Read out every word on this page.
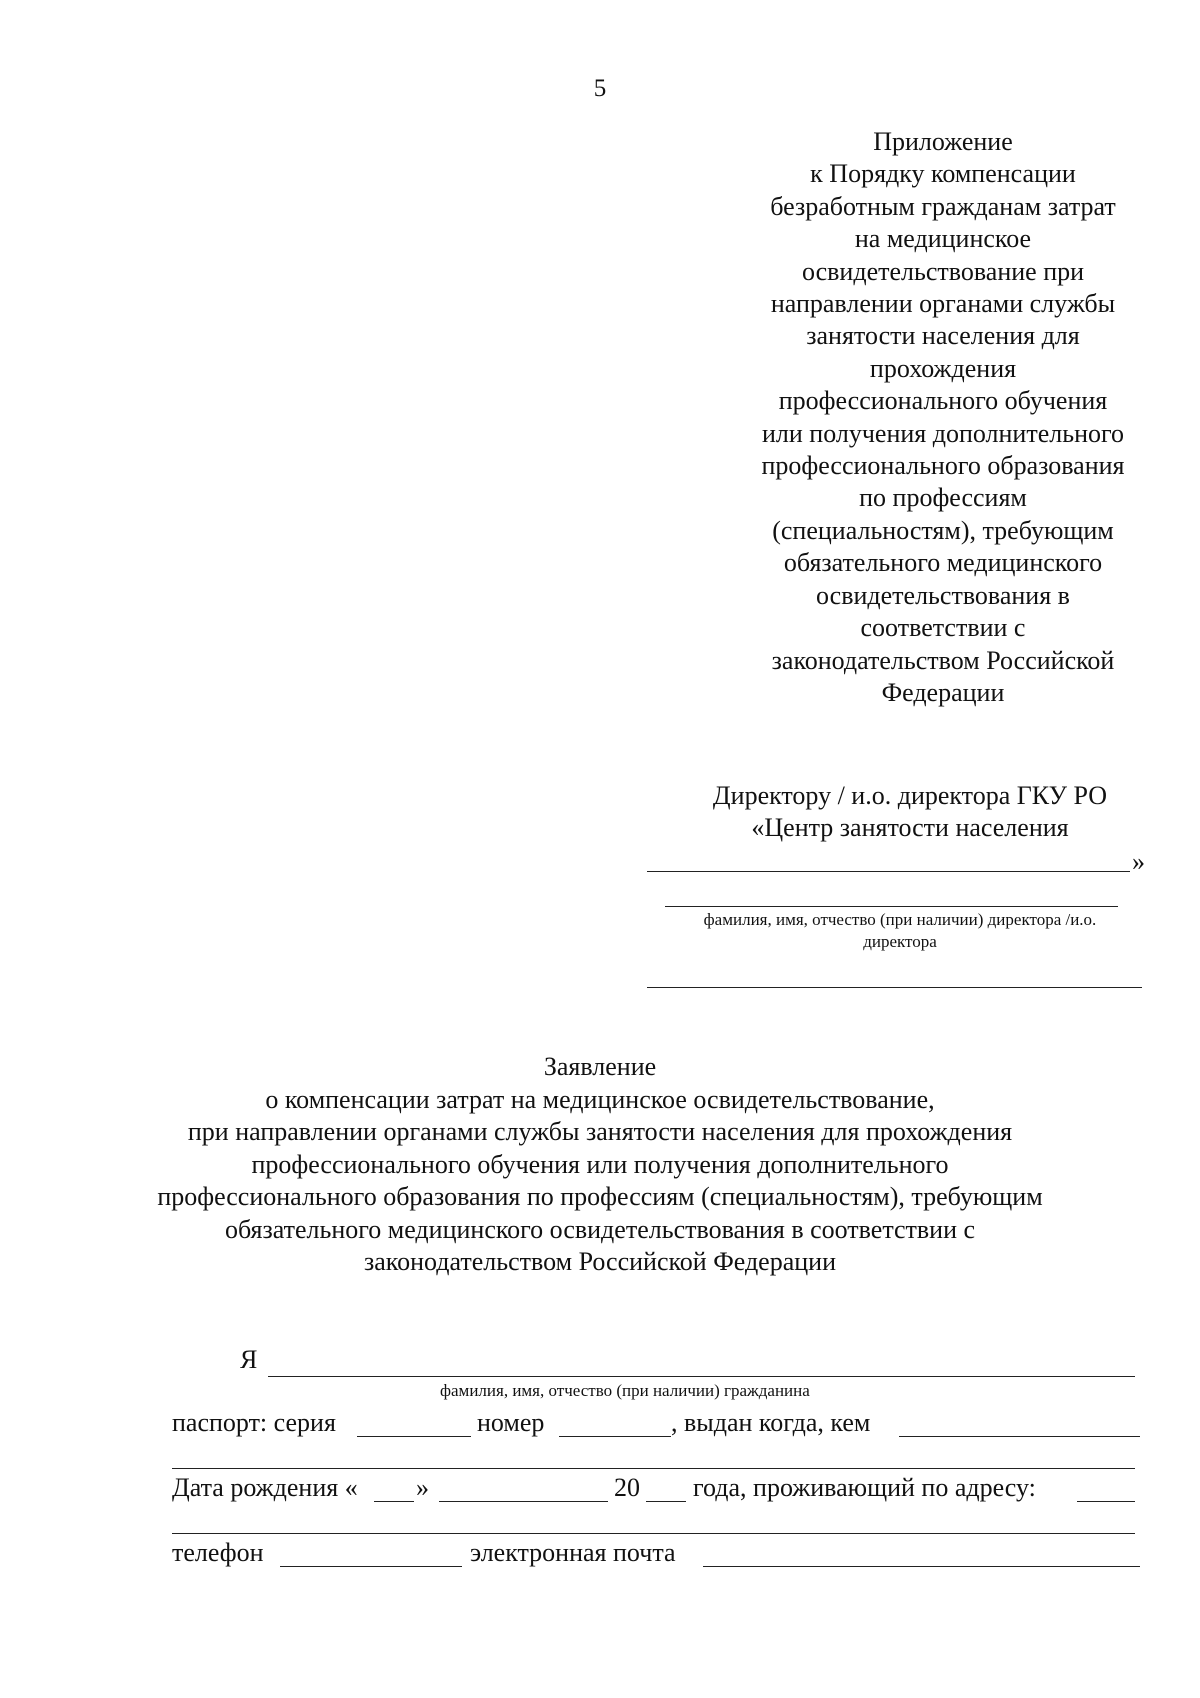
5
Приложение
к Порядку компенсации
безработным гражданам затрат
на медицинское
освидетельствование при
направлении органами службы
занятости населения для
прохождения
профессионального обучения
или получения дополнительного
профессионального образования
по профессиям
(специальностям), требующим
обязательного медицинского
освидетельствования в
соответствии с
законодательством Российской
Федерации
Директору / и.о. директора ГКУ РО
«Центр занятости населения
»
фамилия, имя, отчество (при наличии) директора /и.о.
директора
Заявление
о компенсации затрат на медицинское освидетельствование,
при направлении органами службы занятости населения для прохождения
профессионального обучения или получения дополнительного
профессионального образования по профессиям (специальностям), требующим
обязательного медицинского освидетельствования в соответствии с
законодательством Российской Федерации
Я
фамилия, имя, отчество (при наличии) гражданина
паспорт: серия	номер	, выдан когда, кем
Дата рождения « »	20 года, проживающий по адресу:
телефон	электронная почта
